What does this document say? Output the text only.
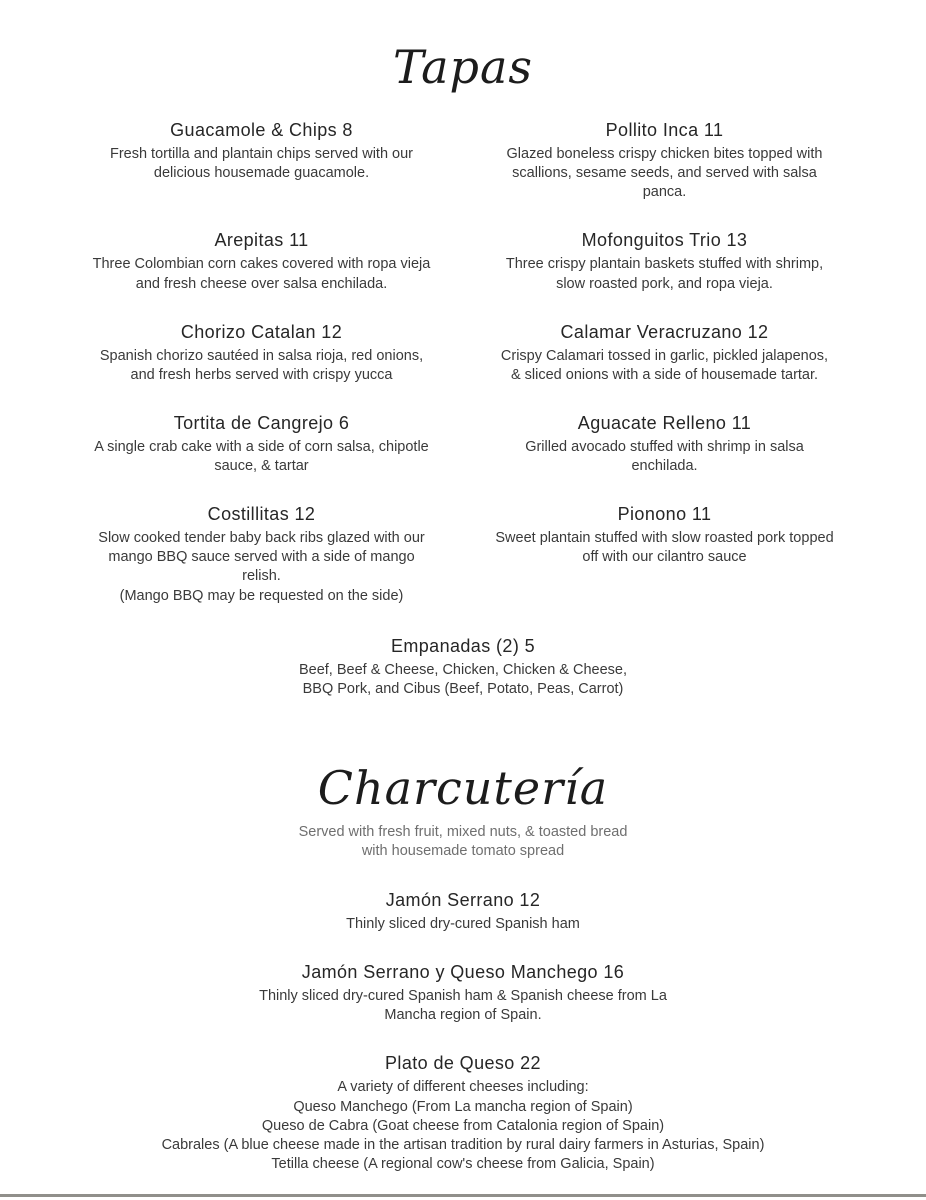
Tapas
Guacamole & Chips 8
Fresh tortilla and plantain chips served with our delicious housemade guacamole.
Pollito Inca 11
Glazed boneless crispy chicken bites topped with scallions, sesame seeds, and served with salsa panca.
Arepitas 11
Three Colombian corn cakes covered with ropa vieja and fresh cheese over salsa enchilada.
Mofonguitos Trio 13
Three crispy plantain baskets stuffed with shrimp, slow roasted pork, and ropa vieja.
Chorizo Catalan 12
Spanish chorizo sautéed in salsa rioja, red onions, and fresh herbs served with crispy yucca
Calamar Veracruzano 12
Crispy Calamari tossed in garlic, pickled jalapenos, & sliced onions with a side of housemade tartar.
Tortita de Cangrejo 6
A single crab cake with a side of corn salsa, chipotle sauce, & tartar
Aguacate Relleno 11
Grilled avocado stuffed with shrimp in salsa enchilada.
Costillitas 12
Slow cooked tender baby back ribs glazed with our mango BBQ sauce served with a side of mango relish.
(Mango BBQ may be requested on the side)
Pionono 11
Sweet plantain stuffed with slow roasted pork topped off with our cilantro sauce
Empanadas (2) 5
Beef, Beef & Cheese, Chicken, Chicken & Cheese,
BBQ Pork, and Cibus (Beef, Potato, Peas, Carrot)
Charcutería
Served with fresh fruit, mixed nuts, & toasted bread with housemade tomato spread
Jamón Serrano 12
Thinly sliced dry-cured Spanish ham
Jamón Serrano y Queso Manchego 16
Thinly sliced dry-cured Spanish ham & Spanish cheese from La Mancha region of Spain.
Plato de Queso 22
A variety of different cheeses including:
Queso Manchego (From La mancha region of Spain)
Queso de Cabra (Goat cheese from Catalonia region of Spain)
Cabrales (A blue cheese made in the artisan tradition by rural dairy farmers in Asturias, Spain)
Tetilla cheese (A regional cow's cheese from Galicia, Spain)
